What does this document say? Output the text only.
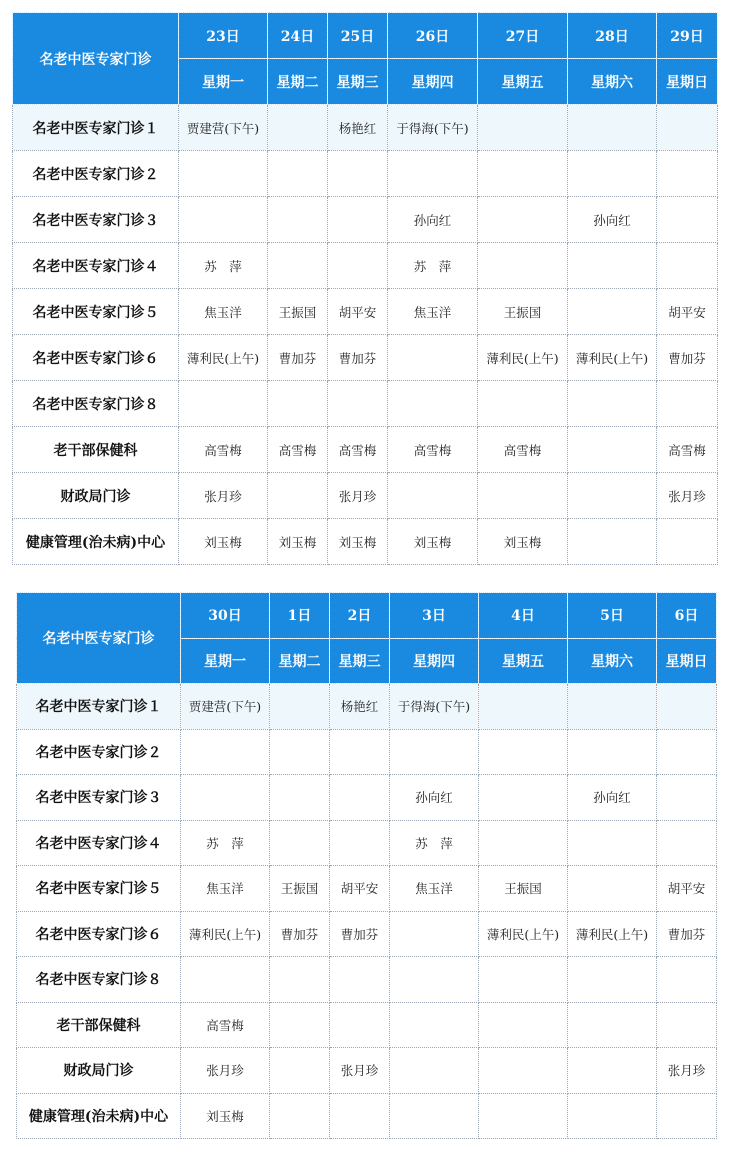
名老中医专家门诊	23日	24日	25日	26日	27日	28日	29日
	星期一	星期二	星期三	星期四	星期五	星期六	星期日
名老中医专家门诊１	贾建营(下午)		杨艳红	于得海(下午)			
名老中医专家门诊２							
名老中医专家门诊３				孙向红		孙向红	
名老中医专家门诊４	苏　萍			苏　萍			
名老中医专家门诊５	焦玉洋	王振国	胡平安	焦玉洋	王振国		胡平安
名老中医专家门诊６	薄利民(上午)	曹加芬	曹加芬		薄利民(上午)	薄利民(上午)	曹加芬
名老中医专家门诊８							
老干部保健科	高雪梅	高雪梅	高雪梅	高雪梅	高雪梅		高雪梅
财政局门诊	张月珍		张月珍				张月珍
健康管理(治未病)中心	刘玉梅	刘玉梅	刘玉梅	刘玉梅	刘玉梅		
名老中医专家门诊	30日	1日	2日	3日	4日	5日	6日
	星期一	星期二	星期三	星期四	星期五	星期六	星期日
名老中医专家门诊１	贾建营(下午)		杨艳红	于得海(下午)			
名老中医专家门诊２							
名老中医专家门诊３				孙向红		孙向红	
名老中医专家门诊４	苏　萍			苏　萍			
名老中医专家门诊５	焦玉洋	王振国	胡平安	焦玉洋	王振国		胡平安
名老中医专家门诊６	薄利民(上午)	曹加芬	曹加芬		薄利民(上午)	薄利民(上午)	曹加芬
名老中医专家门诊８							
老干部保健科	高雪梅						
财政局门诊	张月珍		张月珍				张月珍
健康管理(治未病)中心	刘玉梅						
